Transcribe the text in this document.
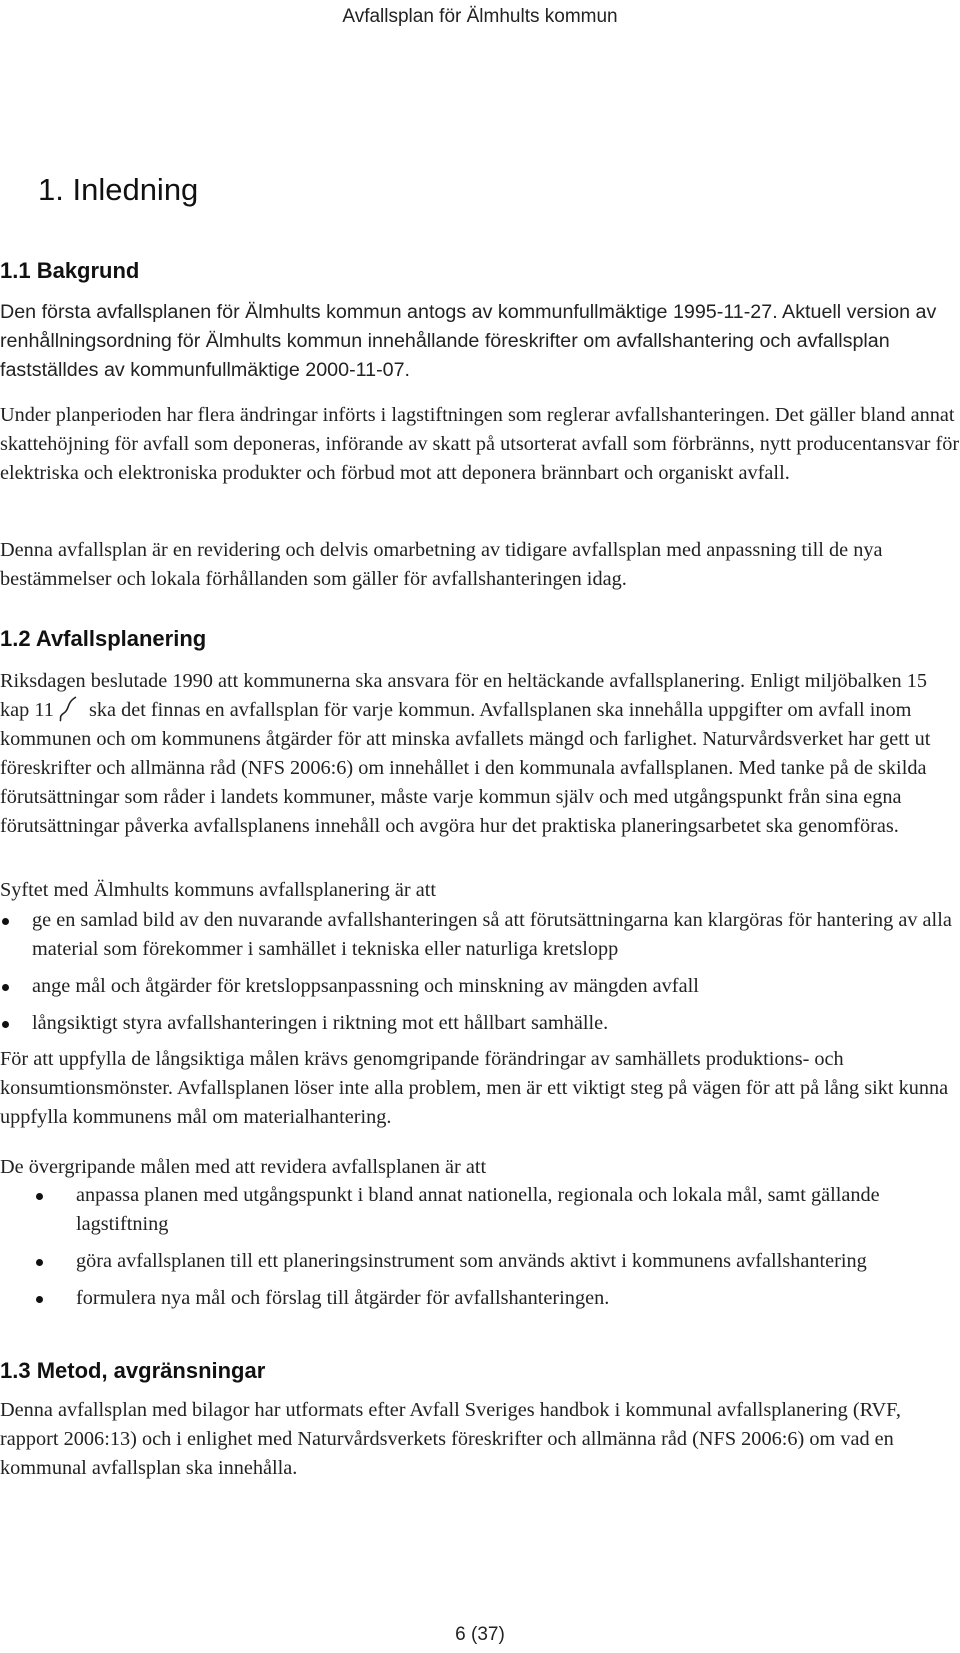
Avfallsplan för Älmhults kommun
1. Inledning
1.1 Bakgrund

Den första avfallsplanen för Älmhults kommun antogs av kommunfullmäktige 1995-11-27. Aktuell version av renhållningsordning för Älmhults kommun innehållande föreskrifter om avfallshantering och avfallsplan fastställdes av kommunfullmäktige 2000-11-07.

Under planperioden har flera ändringar införts i lagstiftningen som reglerar avfallshanteringen. Det gäller bland annat skattehöjning för avfall som deponeras, införande av skatt på utsorterat avfall som förbränns, nytt producentansvar för elektriska och elektroniska produkter och förbud mot att deponera brännbart och organiskt avfall.

Denna avfallsplan är en revidering och delvis omarbetning av tidigare avfallsplan med anpassning till de nya bestämmelser och lokala förhållanden som gäller för avfallshanteringen idag.

1.2 Avfallsplanering

Riksdagen beslutade 1990 att kommunerna ska ansvara för en heltäckande avfallsplanering. Enligt miljöbalken 15 kap 11
ska det finnas en avfallsplan för varje kommun. Avfallsplanen ska innehålla uppgifter om avfall inom kommunen och om kommunens åtgärder för att minska avfallets mängd och farlighet. Naturvårdsverket har gett ut föreskrifter och allmänna råd (NFS 2006:6) om innehållet i den kommunala avfallsplanen. Med tanke på de skilda förutsättningar som råder i landets kommuner, måste varje kommun själv och med utgångspunkt från sina egna förutsättningar påverka avfallsplanens innehåll och avgöra hur det praktiska planeringsarbetet ska genomföras.

Syftet med Älmhults kommuns avfallsplanering är att

ge en samlad bild av den nuvarande avfallshanteringen så att förutsättningarna kan klargöras för hantering av alla material som förekommer i samhället i tekniska eller naturliga kretslopp
ange mål och åtgärder för kretsloppsanpassning och minskning av mängden avfall
långsiktigt styra avfallshanteringen i riktning mot ett hållbart samhälle.

För att uppfylla de långsiktiga målen krävs genomgripande förändringar av samhällets produktions- och konsumtionsmönster. Avfallsplanen löser inte alla problem, men är ett viktigt steg på vägen för att på lång sikt kunna uppfylla kommunens mål om materialhantering.

De övergripande målen med att revidera avfallsplanen är att

anpassa planen med utgångspunkt i bland annat nationella, regionala och lokala mål, samt gällande lagstiftning
göra avfallsplanen till ett planeringsinstrument som används aktivt i kommunens avfallshantering
formulera nya mål och förslag till åtgärder för avfallshanteringen.
1.3 Metod, avgränsningar

Denna avfallsplan med bilagor har utformats efter Avfall Sveriges handbok i kommunal avfallsplanering (RVF, rapport 2006:13) och i enlighet med Naturvårdsverkets föreskrifter och allmänna råd (NFS 2006:6) om vad en kommunal avfallsplan ska innehålla.

6 (37)
